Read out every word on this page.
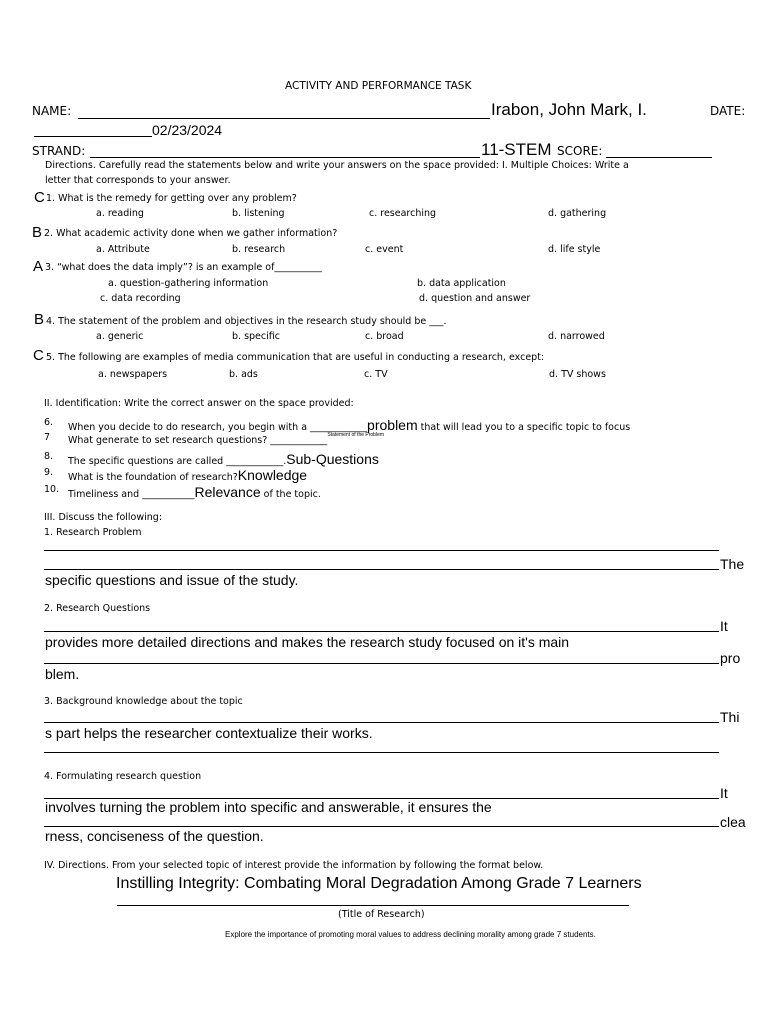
ACTIVITY AND PERFORMANCE TASK
NAME:	Irabon, John Mark, I.	DATE:
02/23/2024
STRAND:	11-STEM SCORE:
Directions. Carefully read the statements below and write your answers on the space provided: I. Multiple Choices: Write a
letter that corresponds to your answer.
C 1. What is the remedy for getting over any problem?
a. reading	b. listening	c. researching	d. gathering
B 2. What academic activity done when we gather information?
a. Attribute	b. research	c. event	d. life style
A 3. “what does the data imply”? is an example of__________
a. question-gathering information	b. data application
c. data recording	d. question and answer
B 4. The statement of the problem and objectives in the research study should be ___.
a. generic	b. specific	c. broad	d. narrowed
C 5. The following are examples of media communication that are useful in conducting a research, except:
a. newspapers	b. ads	c. TV	d. TV shows
II. Identification: Write the correct answer on the space provided:
6. When you decide to do research, you begin with a ____________problem that will lead you to a specific topic to focus
7 What generate to set research questions? ____________$^{Statement of the Problem}$
8. The specific questions are called ____________.Sub-Questions
9. What is the foundation of research?Knowledge
10. Timeliness and ___________Relevance of the topic.
III. Discuss the following:
1. Research Problem
The
specific questions and issue of the study.
2. Research Questions
It
provides more detailed directions and makes the research study focused on it's main
pro
blem.
3. Background knowledge about the topic
Thi
s part helps the researcher contextualize their works.
4. Formulating research question
It
involves turning the problem into specific and answerable, it ensures the
clea
rness, conciseness of the question.
IV. Directions. From your selected topic of interest provide the information by following the format below.
Instilling Integrity: Combating Moral Degradation Among Grade 7 Learners
(Title of Research)
Explore the importance of promoting moral values to address declining morality among grade 7 students.
